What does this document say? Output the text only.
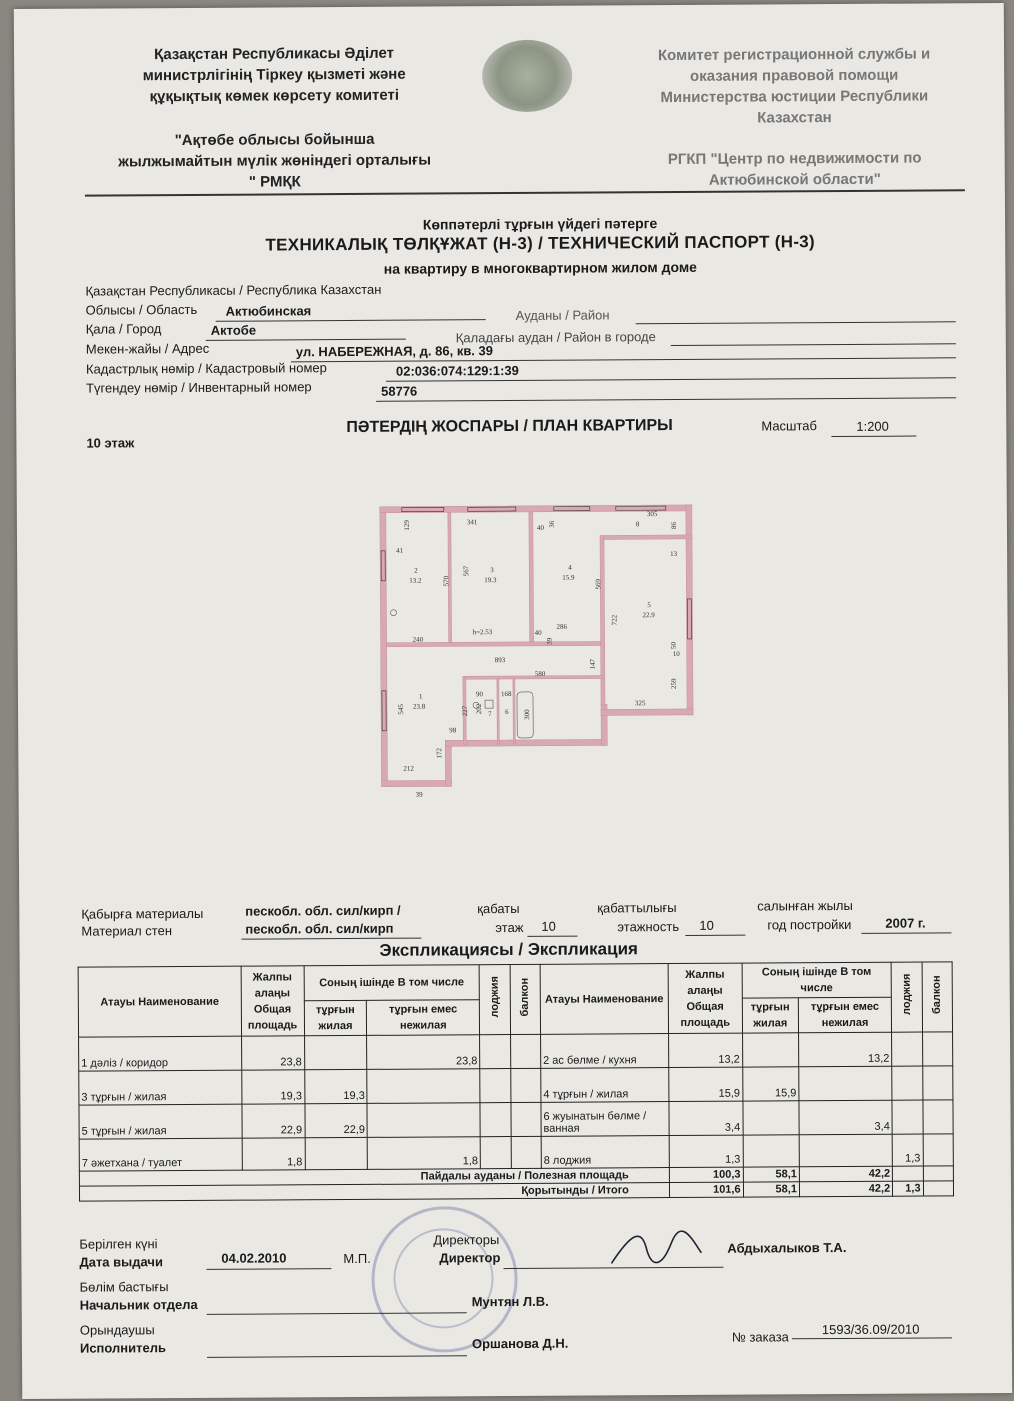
Қазақстан Республикасы Әділет
министрлігінің Тіркеу қызметі және
құқықтық көмек көрсету комитеті
"Ақтөбе облысы бойынша
жылжымайтын мүлік жөніндегі орталығы
" РМҚК
Комитет регистрационной службы и
оказания правовой помощи
Министерства юстиции Республики
Казахстан
РГКП "Центр по недвижимости по
Актюбинской области"
Көппәтерлі тұрғын үйдегі пәтерге
ТЕХНИКАЛЫҚ ТӨЛҚҰЖАТ (Н-3) / ТЕХНИЧЕСКИЙ ПАСПОРТ (Н-3)
на квартиру в многоквартирном жилом доме
Қазақстан Республикасы / Республика Казахстан
Облысы / Область Актюбинская	Ауданы / Район
Қала / Город	Актобе	Қаладағы аудан / Район в городе
Мекен-жайы / Адрес	ул. НАБЕРЕЖНАЯ, д. 86, кв. 39
Кадастрлық нөмір / Кадастровый номер	02:036:074:129:1:39
Түгендеу нөмір / Инвентарный номер	58776
ПӘТЕРДІҢ ЖОСПАРЫ / ПЛАН КВАРТИРЫ	Масштаб	1:200
10 этаж
341
305
129
41
40 36	8	86
13
570
567
569
722
240
893
40
39
286
h=2.53
147
580
50
10
259
90	168
545	227 202
300
325
98
172
212
39
1
23.8
2
13.2
3
19.3
4
15.9
5
22.9
6
7
Қабырға материалы
Материал стен
пескобл. обл. сил/кирп /
пескобл. обл. сил/кирп
қабаты
этаж 10
қабаттылығы
этажность 10
салынған жылы
год постройки	2007 г.
Экспликациясы / Экспликация
Атауы Наименование	Жалпы алаңы Общая площадь	Соның ішінде В том числе		лоджия	балкон	Атауы Наименование	Жалпы алаңы Общая площадь	Соның ішінде В том числе		лоджия	балкон
		тұрғын жилая	тұрғын емес нежилая					тұрғын жилая	тұрғын емес нежилая		
1 дәліз / коридор	23,8		23,8			2 ас бөлме / кухня	13,2		13,2		
3 тұрғын / жилая	19,3	19,3				4 тұрғын / жилая	15,9	15,9			
5 тұрғын / жилая	22,9	22,9				6 жуынатын бөлме / ванная	3,4		3,4		
7 әжетхана / туалет	1,8		1,8			8 лоджия	1,3			1,3	
Пайдалы ауданы / Полезная площадь							100,3	58,1	42,2		
Қорытынды / Итого							101,6	58,1	42,2	1,3	
Берілген күні
Дата выдачи	04.02.2010	М.П.
Директоры
Директор
Абдыхалыков Т.А.
Бөлім бастығы
Начальник отдела	Мунтян Л.В.
Орындаушы
Исполнитель	Оршанова Д.Н.	№ заказа	1593/36.09/2010
